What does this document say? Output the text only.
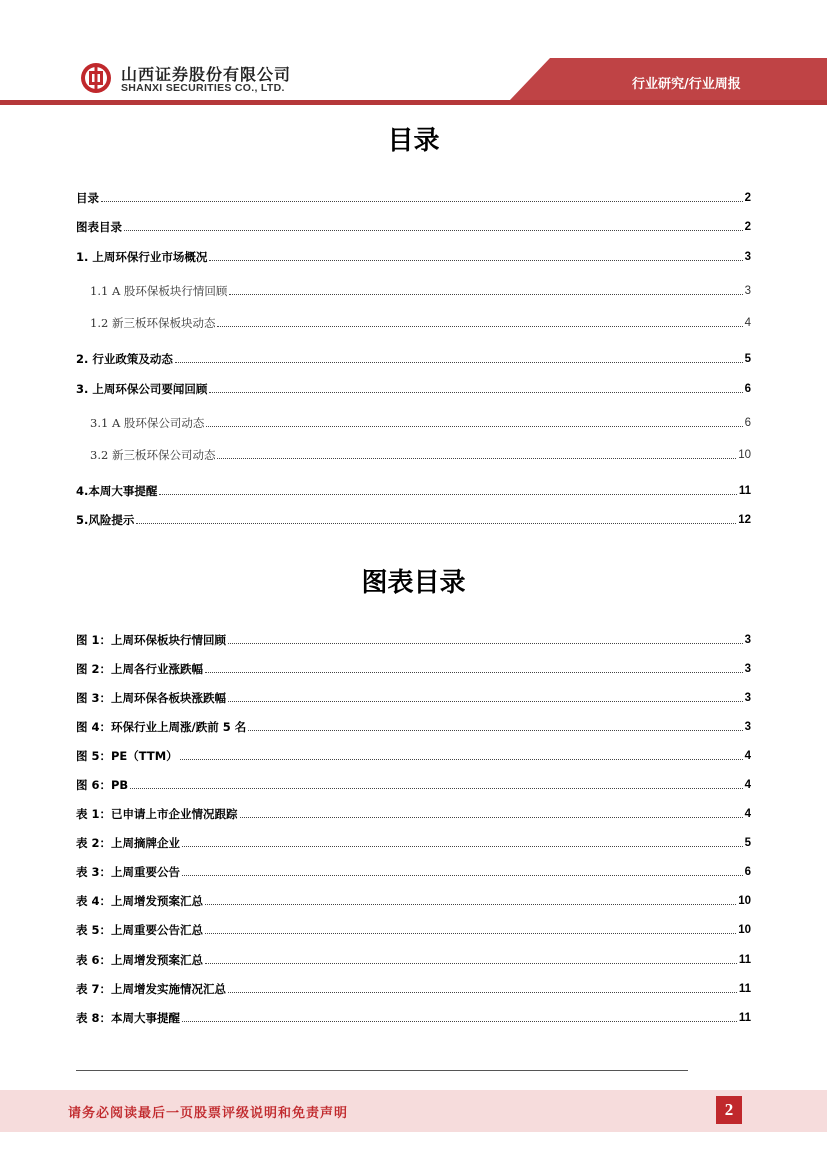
山西证券股份有限公司
SHANXI SECURITIES CO., LTD.	行业研究/行业周报
目录
目录	2
图表目录	2
1. 上周环保行业市场概况	3
1.1 A 股环保板块行情回顾	3
1.2 新三板环保板块动态	4
2. 行业政策及动态	5
3. 上周环保公司要闻回顾	6
3.1 A 股环保公司动态	6
3.2 新三板环保公司动态	10
4.本周大事提醒	11
5.风险提示	12
图表目录
图 1：上周环保板块行情回顾	3
图 2：上周各行业涨跌幅	3
图 3：上周环保各板块涨跌幅	3
图 4：环保行业上周涨/跌前 5 名	3
图 5：PE（TTM）	4
图 6：PB	4
表 1：已申请上市企业情况跟踪	4
表 2：上周摘牌企业	5
表 3：上周重要公告	6
表 4：上周增发预案汇总	10
表 5：上周重要公告汇总	10
表 6：上周增发预案汇总	11
表 7：上周增发实施情况汇总	11
表 8：本周大事提醒	11
请务必阅读最后一页股票评级说明和免责声明	2
